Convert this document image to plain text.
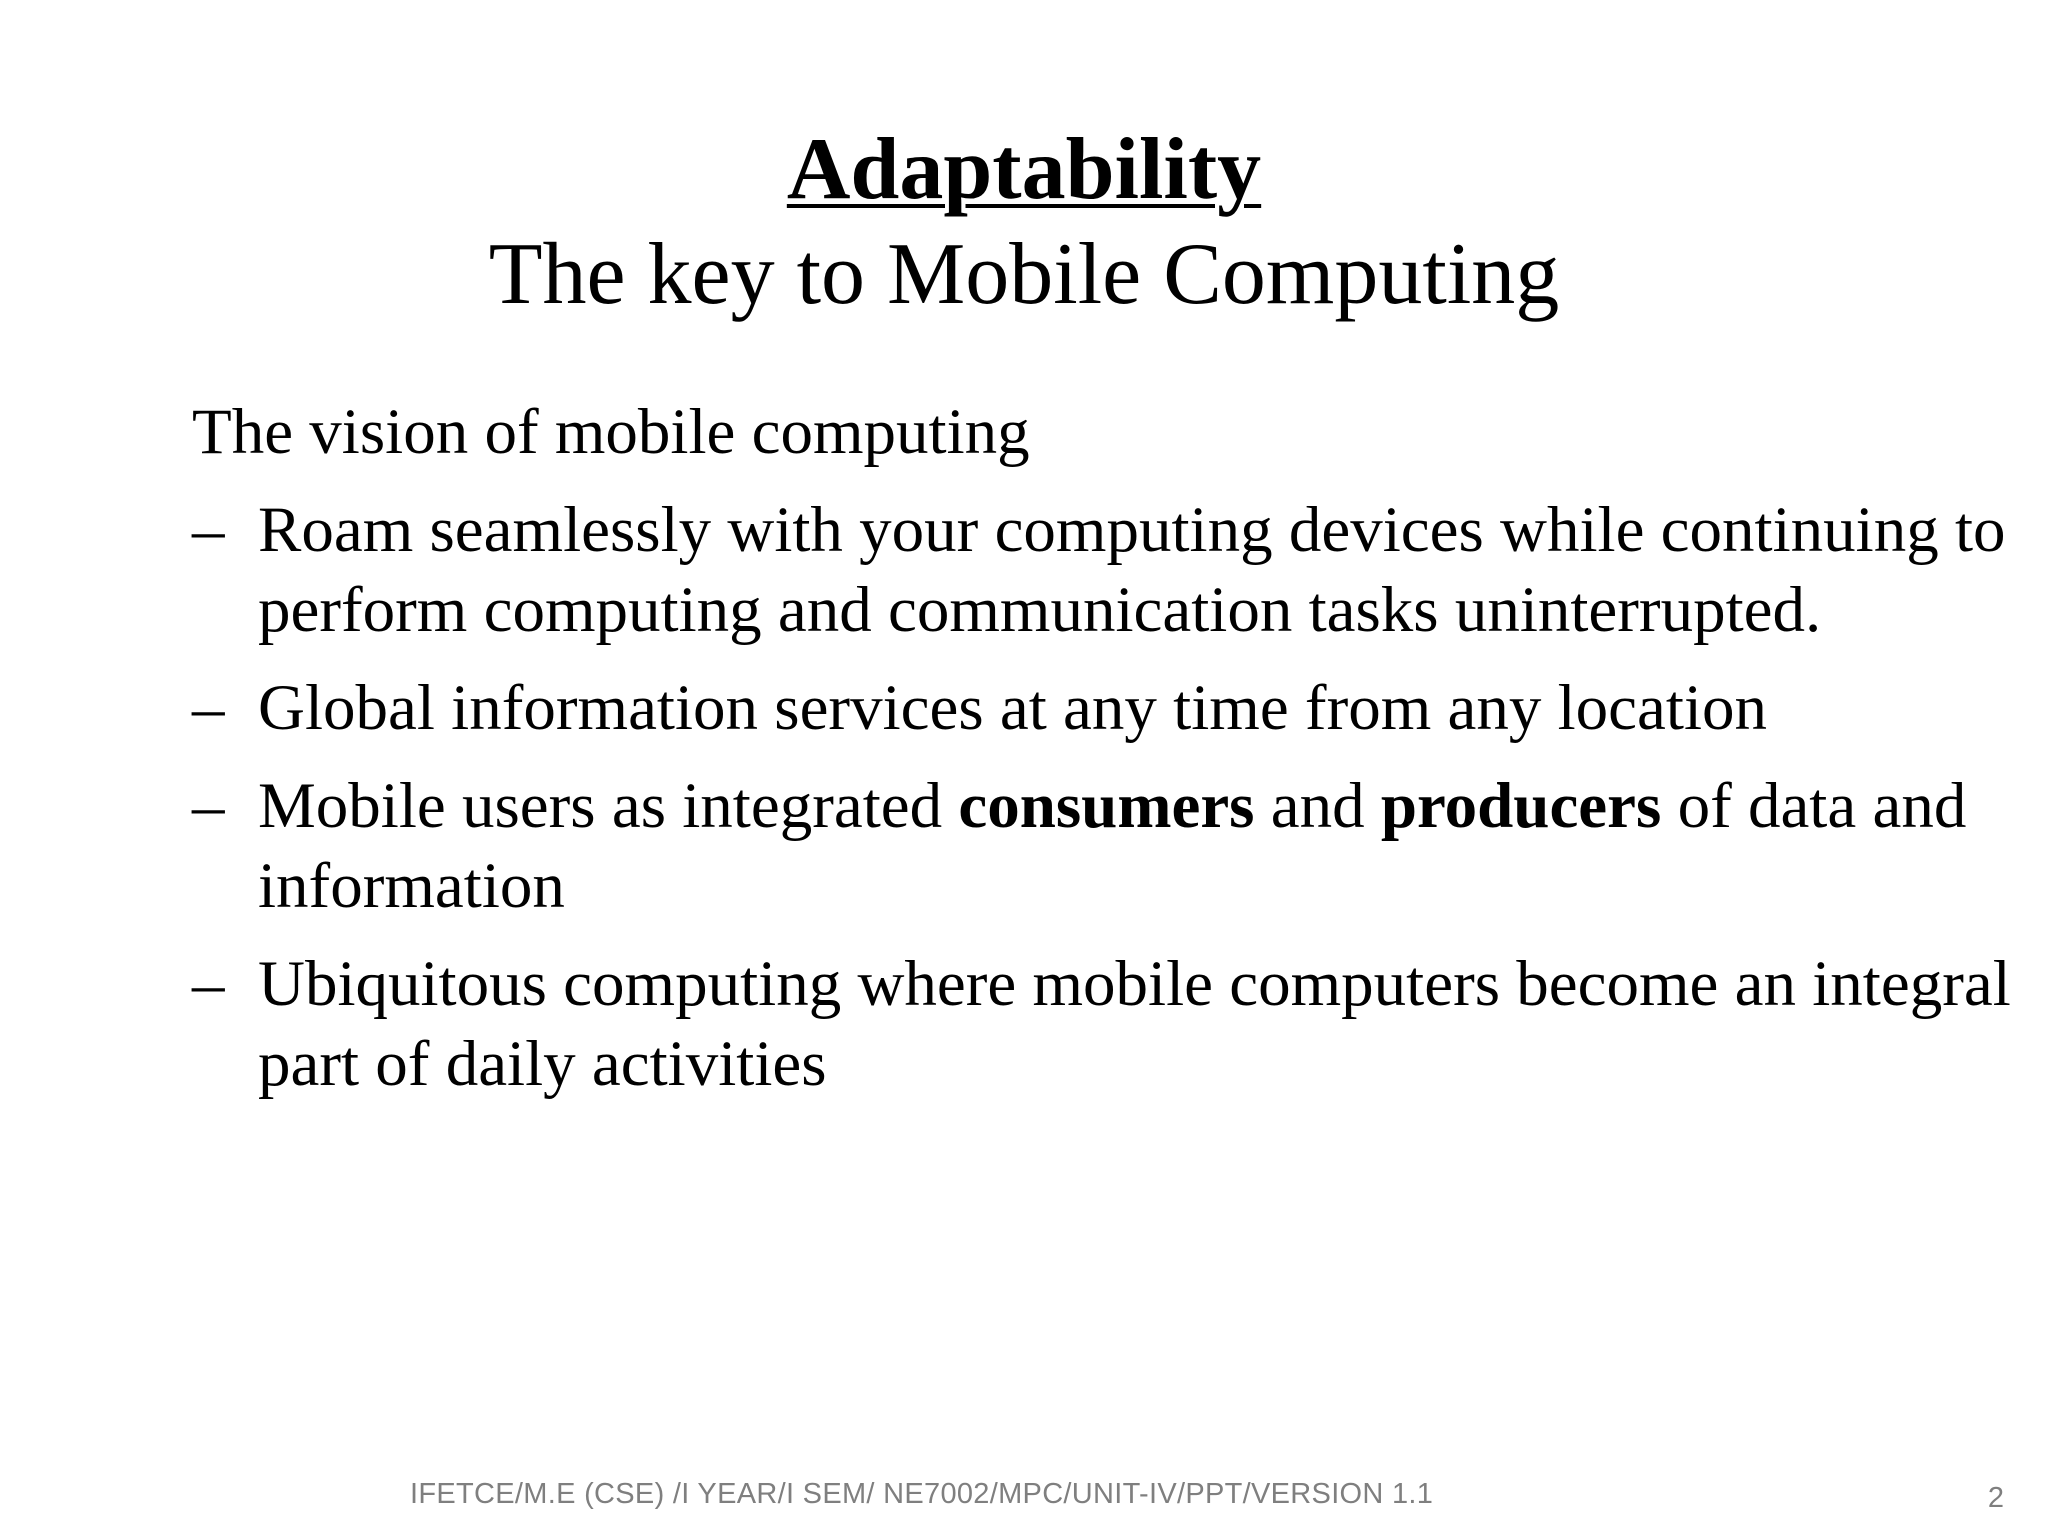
Adaptability
The key to Mobile Computing
The vision of mobile computing
– Roam seamlessly with your computing devices while continuing to perform computing and communication tasks uninterrupted.
– Global information services at any time from any location
– Mobile users as integrated consumers and producers of data and information
– Ubiquitous computing where mobile computers become an integral part of daily activities
IFETCE/M.E (CSE) /I YEAR/I SEM/ NE7002/MPC/UNIT-IV/PPT/VERSION 1.1	2
